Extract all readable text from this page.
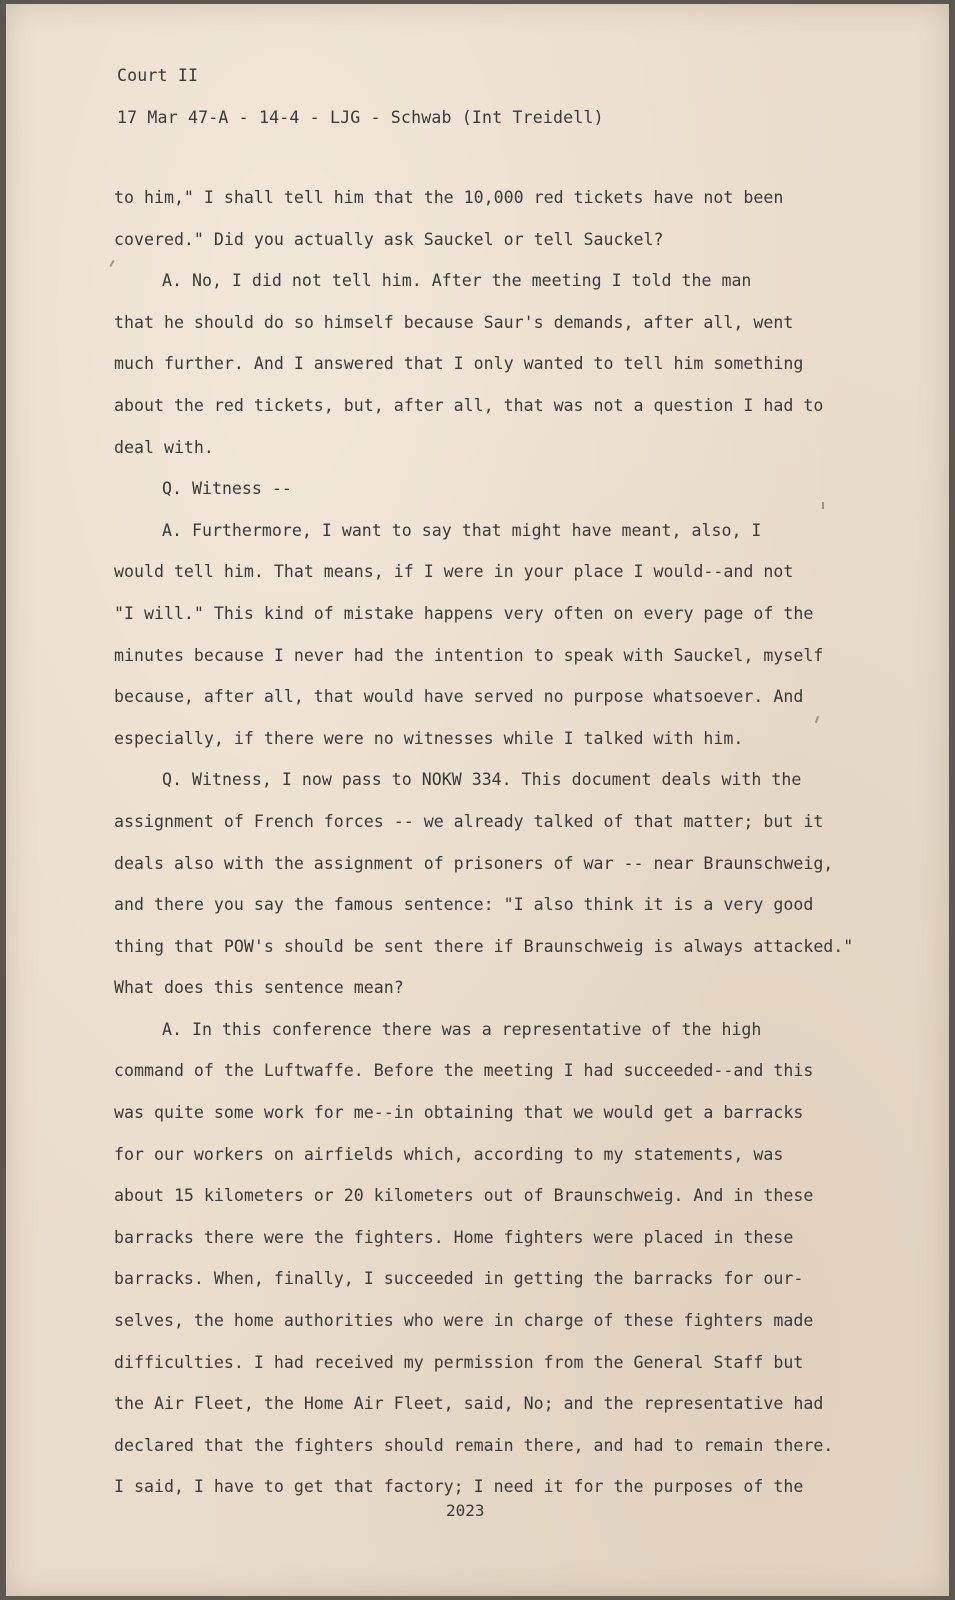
Court II
17 Mar 47-A - 14-4 - LJG - Schwab (Int Treidell)
to him," I shall tell him that the 10,000 red tickets have not been
covered." Did you actually ask Sauckel or tell Sauckel?
A. No, I did not tell him. After the meeting I told the man
that he should do so himself because Saur's demands, after all, went
much further. And I answered that I only wanted to tell him something
about the red tickets, but, after all, that was not a question I had to
deal with.
Q. Witness --
A. Furthermore, I want to say that might have meant, also, I
would tell him. That means, if I were in your place I would--and not
"I will." This kind of mistake happens very often on every page of the
minutes because I never had the intention to speak with Sauckel, myself
because, after all, that would have served no purpose whatsoever. And
especially, if there were no witnesses while I talked with him.
Q. Witness, I now pass to NOKW 334. This document deals with the
assignment of French forces -- we already talked of that matter; but it
deals also with the assignment of prisoners of war -- near Braunschweig,
and there you say the famous sentence: "I also think it is a very good
thing that POW's should be sent there if Braunschweig is always attacked."
What does this sentence mean?
A. In this conference there was a representative of the high
command of the Luftwaffe. Before the meeting I had succeeded--and this
was quite some work for me--in obtaining that we would get a barracks
for our workers on airfields which, according to my statements, was
about 15 kilometers or 20 kilometers out of Braunschweig. And in these
barracks there were the fighters. Home fighters were placed in these
barracks. When, finally, I succeeded in getting the barracks for our-
selves, the home authorities who were in charge of these fighters made
difficulties. I had received my permission from the General Staff but
the Air Fleet, the Home Air Fleet, said, No; and the representative had
declared that the fighters should remain there, and had to remain there.
I said, I have to get that factory; I need it for the purposes of the
2023
